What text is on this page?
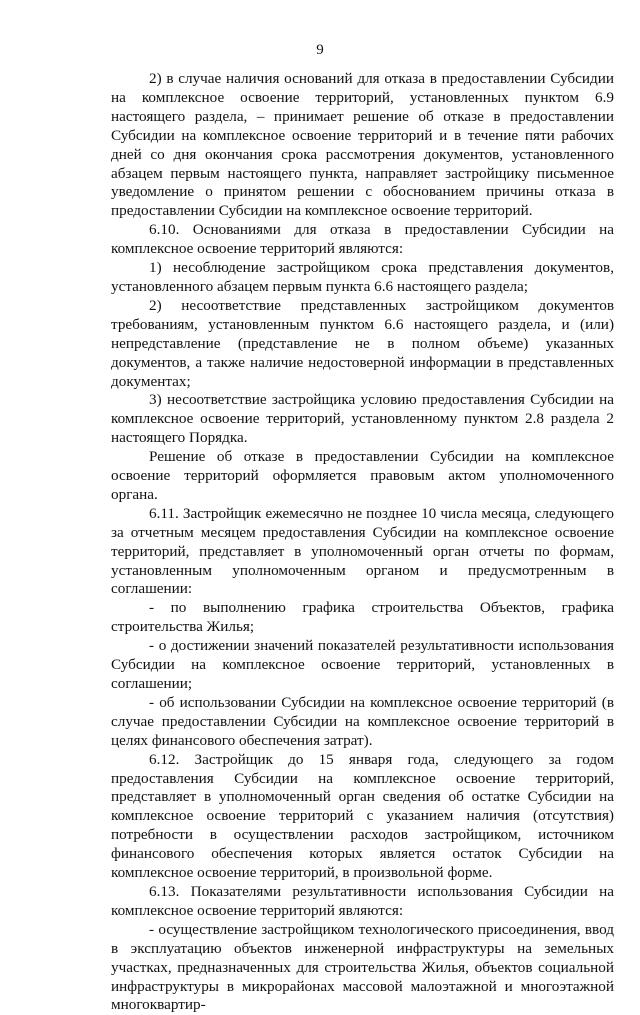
9

2) в случае наличия оснований для отказа в предоставлении Субсидии на комплексное освоение территорий, установленных пунктом 6.9 настоящего раздела, – принимает решение об отказе в предоставлении Субсидии на комплексное освоение территорий и в течение пяти рабочих дней со дня окончания срока рассмотрения документов, установленного абзацем первым настоящего пункта, направляет застройщику письменное уведомление о принятом решении с обоснованием причины отказа в предоставлении Субсидии на комплексное освоение территорий.

6.10. Основаниями для отказа в предоставлении Субсидии на комплексное освоение территорий являются:

1) несоблюдение застройщиком срока представления документов, установленного абзацем первым пункта 6.6 настоящего раздела;

2) несоответствие представленных застройщиком документов требованиям, установленным пунктом 6.6 настоящего раздела, и (или) непредставление (представление не в полном объеме) указанных документов, а также наличие недостоверной информации в представленных документах;

3) несоответствие застройщика условию предоставления Субсидии на комплексное освоение территорий, установленному пунктом 2.8 раздела 2 настоящего Порядка.

Решение об отказе в предоставлении Субсидии на комплексное освоение территорий оформляется правовым актом уполномоченного органа.

6.11. Застройщик ежемесячно не позднее 10 числа месяца, следующего за отчетным месяцем предоставления Субсидии на комплексное освоение территорий, представляет в уполномоченный орган отчеты по формам, установленным уполномоченным органом и предусмотренным в соглашении:

- по выполнению графика строительства Объектов, графика строительства Жилья;

- о достижении значений показателей результативности использования Субсидии на комплексное освоение территорий, установленных в соглашении;

- об использовании Субсидии на комплексное освоение территорий (в случае предоставлении Субсидии на комплексное освоение территорий в целях финансового обеспечения затрат).

6.12. Застройщик до 15 января года, следующего за годом предоставления Субсидии на комплексное освоение территорий, представляет в уполномоченный орган сведения об остатке Субсидии на комплексное освоение территорий с указанием наличия (отсутствия) потребности в осуществлении расходов застройщиком, источником финансового обеспечения которых является остаток Субсидии на комплексное освоение территорий, в произвольной форме.

6.13. Показателями результативности использования Субсидии на комплексное освоение территорий являются:

- осуществление застройщиком технологического присоединения, ввод в эксплуатацию объектов инженерной инфраструктуры на земельных участках, предназначенных для строительства Жилья, объектов социальной инфраструктуры в микрорайонах массовой малоэтажной и многоэтажной многоквартир-
